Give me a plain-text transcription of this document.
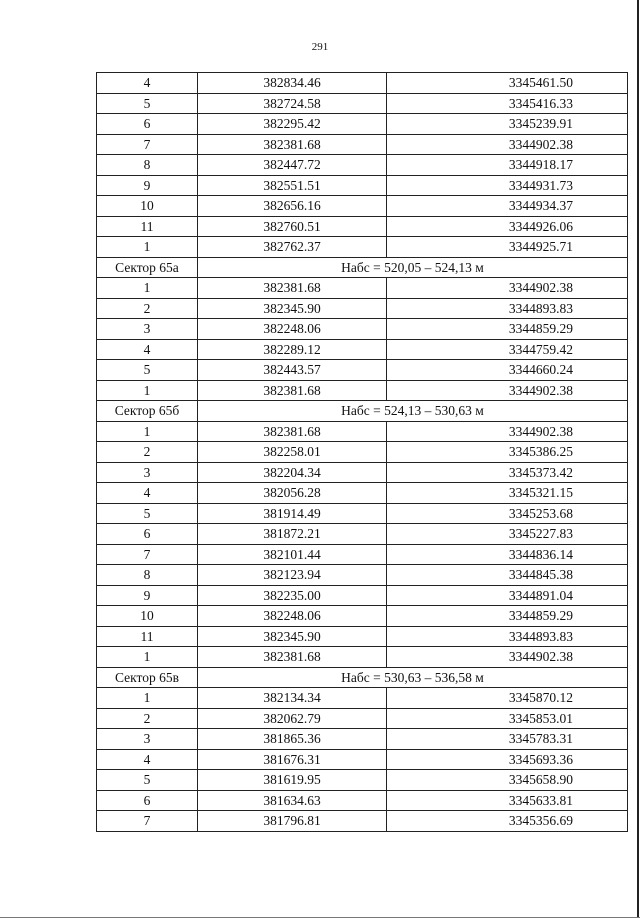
291
4	382834.46	3345461.50
5	382724.58	3345416.33
6	382295.42	3345239.91
7	382381.68	3344902.38
8	382447.72	3344918.17
9	382551.51	3344931.73
10	382656.16	3344934.37
11	382760.51	3344926.06
1	382762.37	3344925.71
Сектор 65а	Набс = 520,05 – 524,13 м	
1	382381.68	3344902.38
2	382345.90	3344893.83
3	382248.06	3344859.29
4	382289.12	3344759.42
5	382443.57	3344660.24
1	382381.68	3344902.38
Сектор 65б	Набс = 524,13 – 530,63 м	
1	382381.68	3344902.38
2	382258.01	3345386.25
3	382204.34	3345373.42
4	382056.28	3345321.15
5	381914.49	3345253.68
6	381872.21	3345227.83
7	382101.44	3344836.14
8	382123.94	3344845.38
9	382235.00	3344891.04
10	382248.06	3344859.29
11	382345.90	3344893.83
1	382381.68	3344902.38
Сектор 65в	Набс = 530,63 – 536,58 м	
1	382134.34	3345870.12
2	382062.79	3345853.01
3	381865.36	3345783.31
4	381676.31	3345693.36
5	381619.95	3345658.90
6	381634.63	3345633.81
7	381796.81	3345356.69
